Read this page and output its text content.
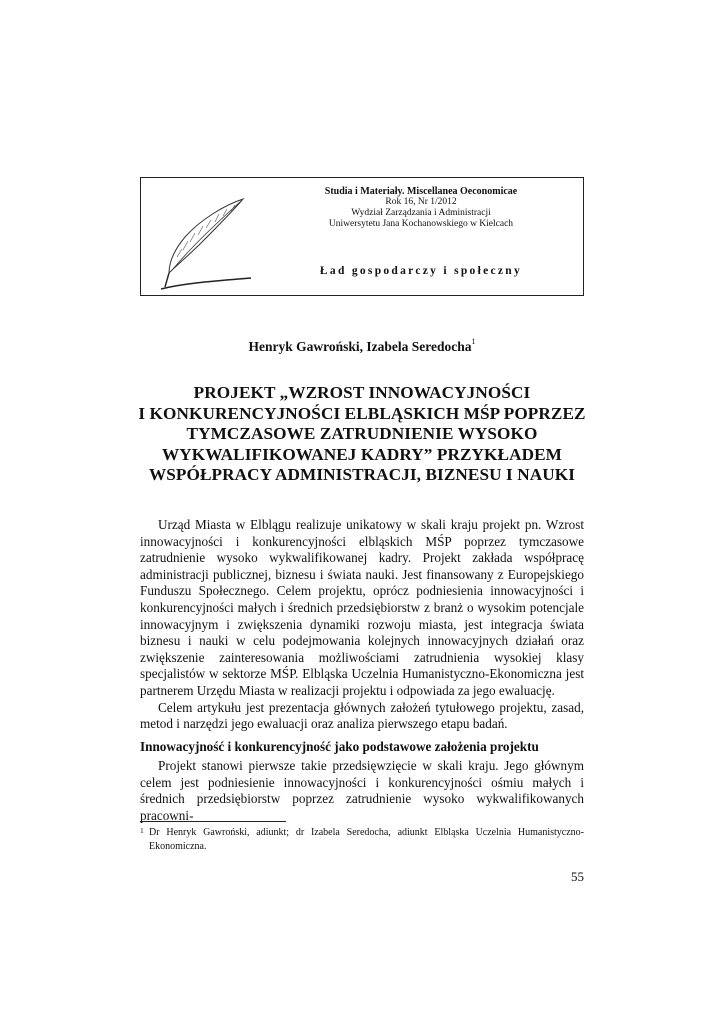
Studia i Materiały. Miscellanea Oeconomicae
Rok 16, Nr 1/2012
Wydział Zarządzania i Administracji
Uniwersytetu Jana Kochanowskiego w Kielcach
Ład gospodarczy i społeczny
Henryk Gawroński, Izabela Seredocha$^1$
PROJEKT „WZROST INNOWACYJNOŚCI
I KONKURENCYJNOŚCI ELBLĄSKICH MŚP POPRZEZ
TYMCZASOWE ZATRUDNIENIE WYSOKO
WYKWALIFIKOWANEJ KADRY” PRZYKŁADEM
WSPÓŁPRACY ADMINISTRACJI, BIZNESU I NAUKI

Urząd Miasta w Elblągu realizuje unikatowy w skali kraju projekt pn. Wzrost innowacyjności i konkurencyjności elbląskich MŚP poprzez tymczasowe zatrudnienie wysoko wykwalifikowanej kadry. Projekt zakłada współpracę administracji publicznej, biznesu i świata nauki. Jest finansowany z Europejskiego Funduszu Społecznego. Celem projektu, oprócz podniesienia innowacyjności i konkurencyjności małych i średnich przedsiębiorstw z branż o wysokim potencjale innowacyjnym i zwiększenia dynamiki rozwoju miasta, jest integracja świata biznesu i nauki w celu podejmowania kolejnych innowacyjnych działań oraz zwiększenie zainteresowania możliwościami zatrudnienia wysokiej klasy specjalistów w sektorze MŚP. Elbląska Uczelnia Humanistyczno-Ekonomiczna jest partnerem Urzędu Miasta w realizacji projektu i odpowiada za jego ewaluację.

Celem artykułu jest prezentacja głównych założeń tytułowego projektu, zasad, metod i narzędzi jego ewaluacji oraz analiza pierwszego etapu badań.

Innowacyjność i konkurencyjność jako podstawowe założenia projektu

Projekt stanowi pierwsze takie przedsięwzięcie w skali kraju. Jego głównym celem jest podniesienie innowacyjności i konkurencyjności ośmiu małych i średnich przedsiębiorstw poprzez zatrudnienie wysoko wykwalifikowanych pracowni-

1 Dr Henryk Gawroński, adiunkt; dr Izabela Seredocha, adiunkt Elbląska Uczelnia Humanistyczno-Ekonomiczna.
55
